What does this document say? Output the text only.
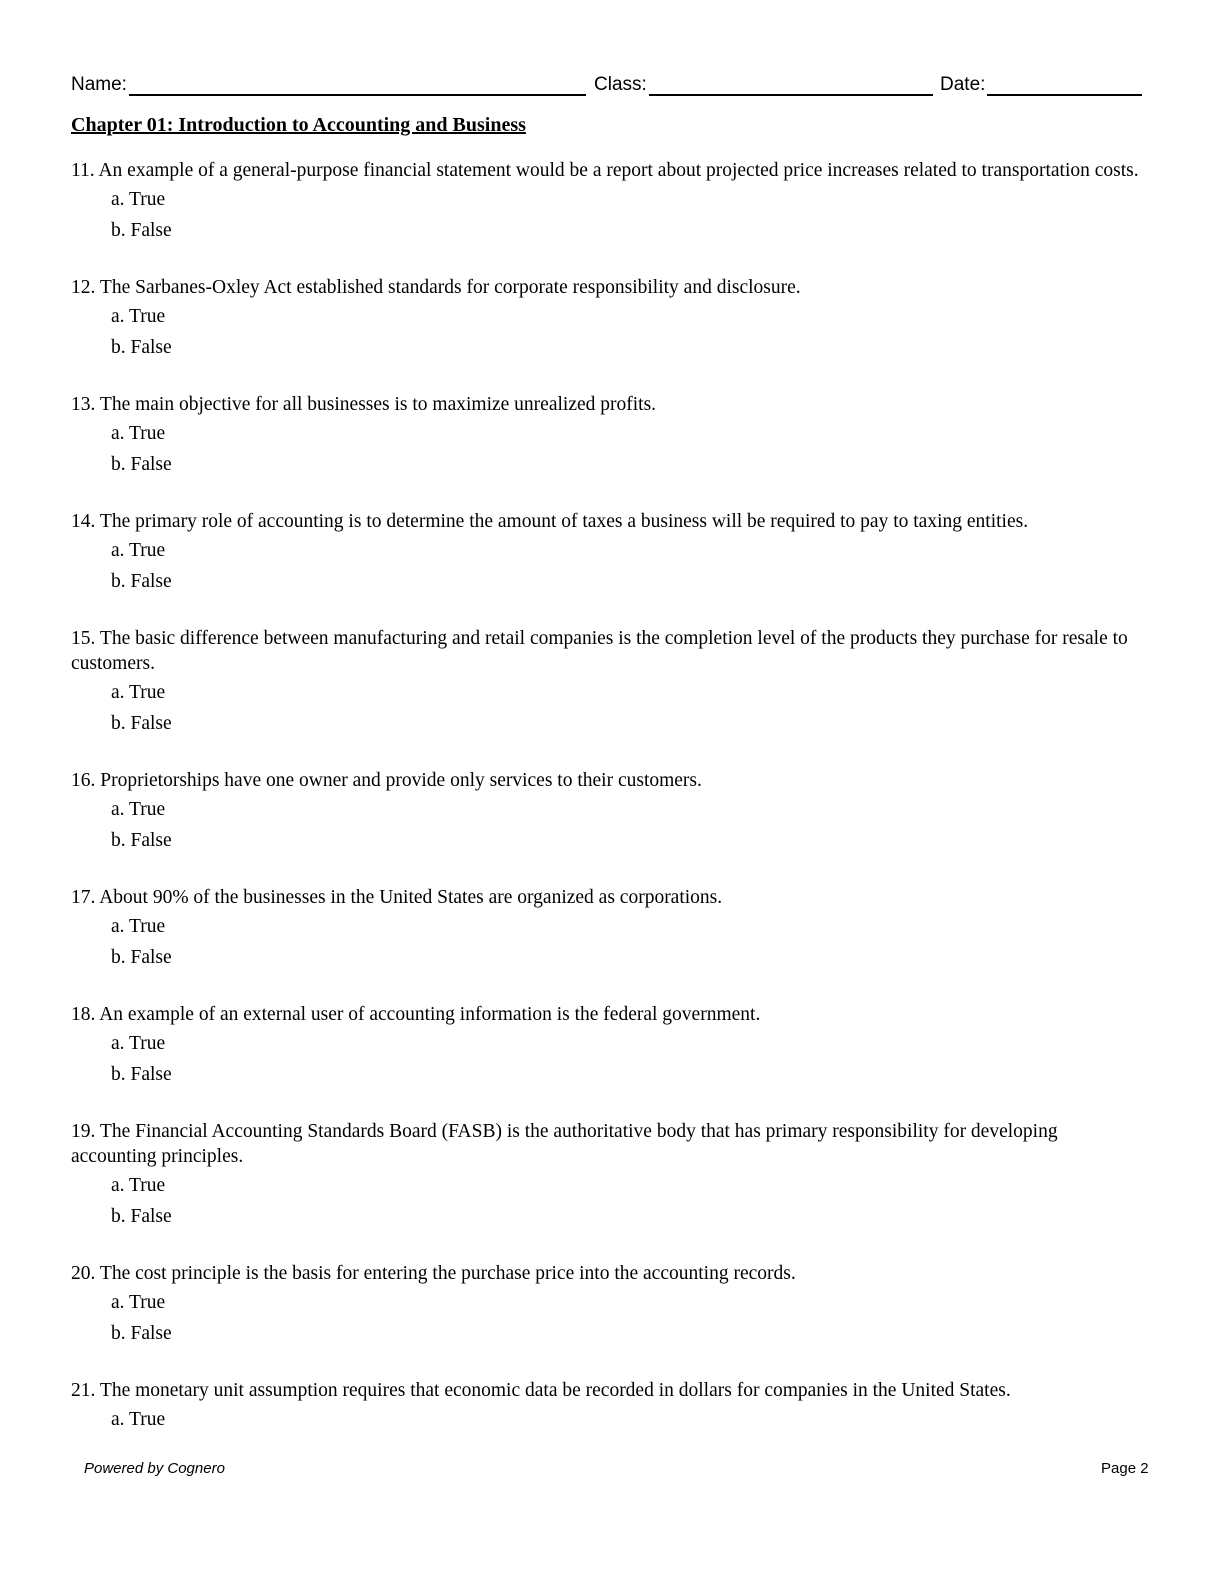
Name:	Class:	Date:
Chapter 01: Introduction to Accounting and Business

11. An example of a general-purpose financial statement would be a report about projected price increases related to transportation costs.

a. True
b. False

12. The Sarbanes-Oxley Act established standards for corporate responsibility and disclosure.

a. True
b. False

13. The main objective for all businesses is to maximize unrealized profits.

a. True
b. False

14. The primary role of accounting is to determine the amount of taxes a business will be required to pay to taxing entities.

a. True
b. False

15. The basic difference between manufacturing and retail companies is the completion level of the products they purchase for resale to customers.

a. True
b. False

16. Proprietorships have one owner and provide only services to their customers.

a. True
b. False

17. About 90% of the businesses in the United States are organized as corporations.

a. True
b. False

18. An example of an external user of accounting information is the federal government.

a. True
b. False

19. The Financial Accounting Standards Board (FASB) is the authoritative body that has primary responsibility for developing accounting principles.

a. True
b. False

20. The cost principle is the basis for entering the purchase price into the accounting records.

a. True
b. False

21. The monetary unit assumption requires that economic data be recorded in dollars for companies in the United States.

a. True
Powered by Cognero	Page 2
